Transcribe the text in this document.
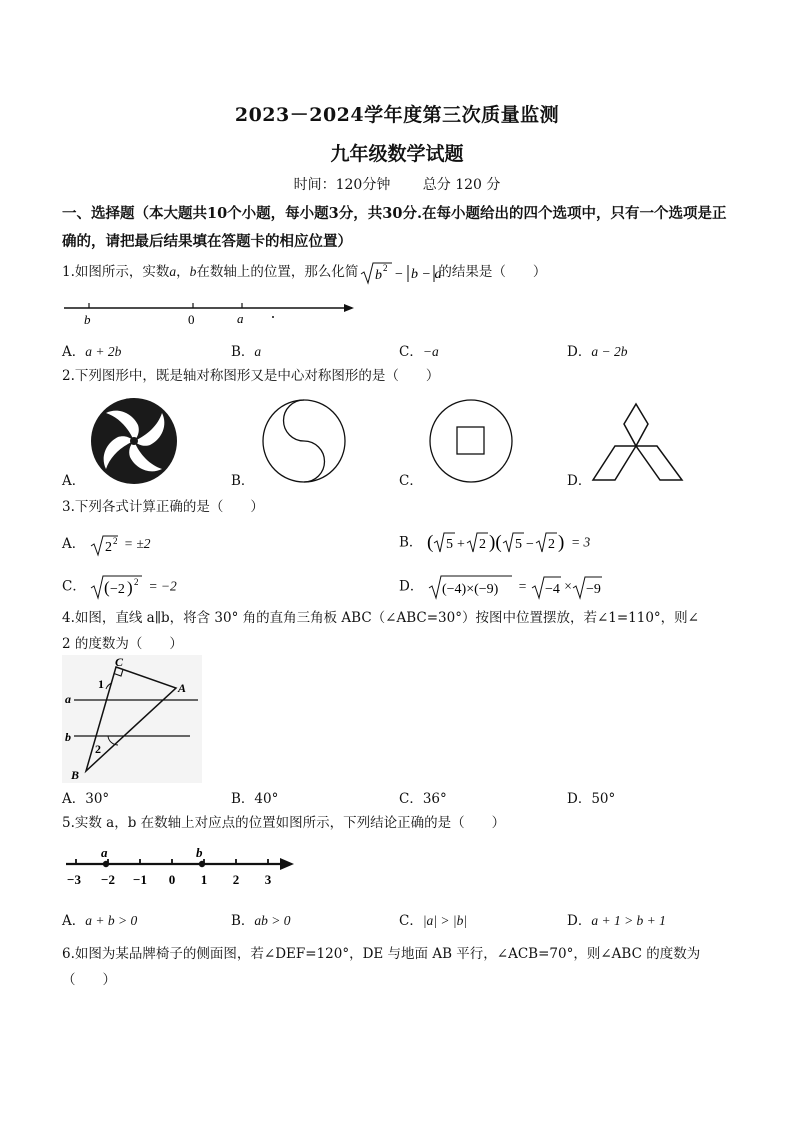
2023－2024学年度第三次质量监测
九年级数学试题
时间：120分钟 总分 120 分
一、选择题（本大题共10个小题，每小题3分，共30分.在每小题给出的四个选项中，只有一个选项是正确的，请把最后结果填在答题卡的相应位置）
1.如图所示，实数a，b在数轴上的位置，那么化简 b 2 − b − a
的结果是（　　）
b	0	a
A．a + 2b	B．a	C．−a	D．a − 2b
2.下列图形中，既是轴对称图形又是中心对称图形的是（　　）
A．	B．	C．	D．
3.下列各式计算正确的是（　　）
A． 2 2 = ±2	B． ( 5 + 2 )( 5 − 2 ) = 3
C． ( −2 ) 2 = −2	D． (−4)×(−9) = −4 × −9
4.如图，直线 a∥b，将含 30° 角的直角三角板 ABC（∠ABC=30°）按图中位置摆放，若∠1=110°，则∠
2 的度数为（　　）
C
A
a
b
B
1
2
A．30°	B．40°	C．36°	D．50°
5.实数 a，b 在数轴上对应点的位置如图所示，下列结论正确的是（　　）
a	b
−3 −2 −1 0 1 2 3
A．a + b > 0	B．ab > 0	C．|a| > |b|	D．a + 1 > b + 1
6.如图为某品牌椅子的侧面图，若∠DEF=120°，DE 与地面 AB 平行，∠ACB=70°，则∠ABC 的度数为
（　　）
